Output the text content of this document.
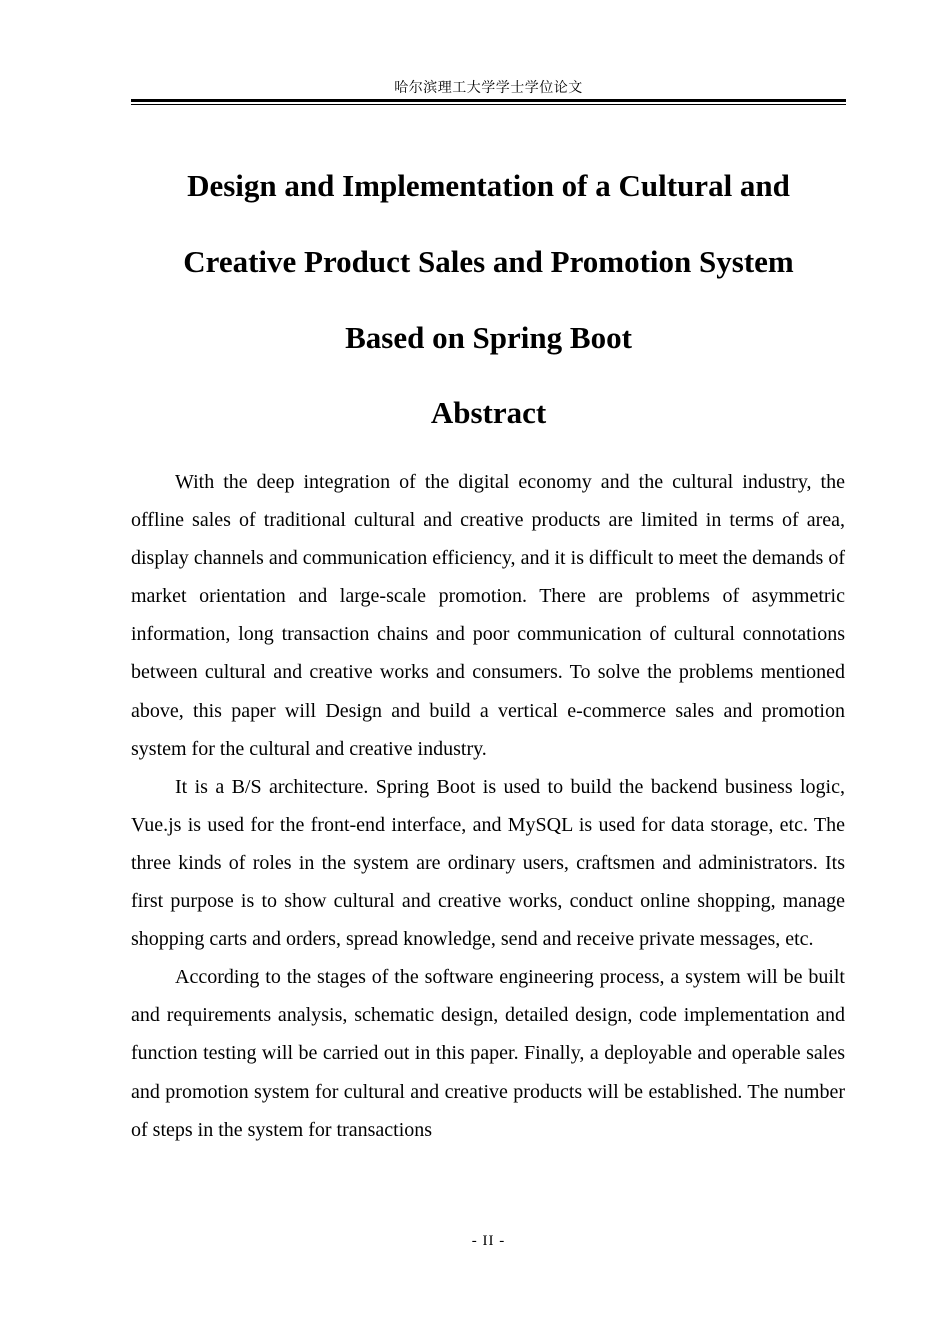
哈尔滨理工大学学士学位论文
Design and Implementation of a Cultural and
Creative Product Sales and Promotion System
Based on Spring Boot
Abstract

With the deep integration of the digital economy and the cultural industry, the offline sales of traditional cultural and creative products are limited in terms of area, display channels and communication efficiency, and it is difficult to meet the demands of market orientation and large-scale promotion. There are problems of asymmetric information, long transaction chains and poor communication of cultural connotations between cultural and creative works and consumers. To solve the problems mentioned above, this paper will Design and build a vertical e-commerce sales and promotion system for the cultural and creative industry.

It is a B/S architecture. Spring Boot is used to build the backend business logic, Vue.js is used for the front-end interface, and MySQL is used for data storage, etc. The three kinds of roles in the system are ordinary users, craftsmen and administrators. Its first purpose is to show cultural and creative works, conduct online shopping, manage shopping carts and orders, spread knowledge, send and receive private messages, etc.

According to the stages of the software engineering process, a system will be built and requirements analysis, schematic design, detailed design, code implementation and function testing will be carried out in this paper. Finally, a deployable and operable sales and promotion system for cultural and creative products will be established. The number of steps in the system for transactions

- II -
